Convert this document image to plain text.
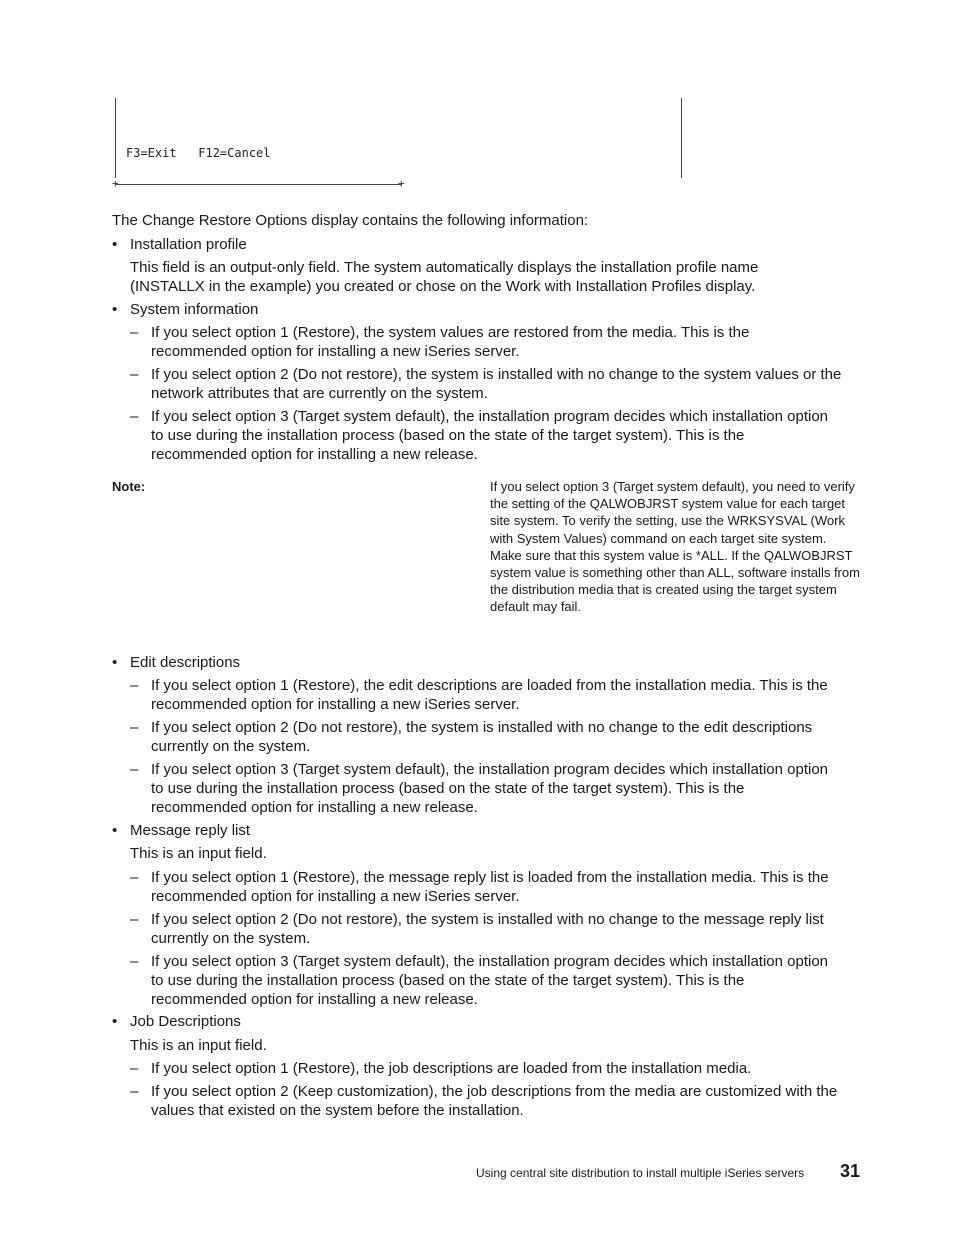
F3=Exit   F12=Cancel
+	+
The Change Restore Options display contains the following information:
• Installation profile
This field is an output-only field. The system automatically displays the installation profile name (INSTALLX in the example) you created or chose on the Work with Installation Profiles display.
• System information
– If you select option 1 (Restore), the system values are restored from the media. This is the recommended option for installing a new iSeries server.
– If you select option 2 (Do not restore), the system is installed with no change to the system values or the network attributes that are currently on the system.
– If you select option 3 (Target system default), the installation program decides which installation option to use during the installation process (based on the state of the target system). This is the recommended option for installing a new release.
Note:	If you select option 3 (Target system default), you need to verify the setting of the QALWOBJRST system value for each target site system. To verify the setting, use the WRKSYSVAL (Work with System Values) command on each target site system. Make sure that this system value is *ALL. If the QALWOBJRST system value is something other than ALL, software installs from the distribution media that is created using the target system default may fail.
• Edit descriptions
– If you select option 1 (Restore), the edit descriptions are loaded from the installation media. This is the recommended option for installing a new iSeries server.
– If you select option 2 (Do not restore), the system is installed with no change to the edit descriptions currently on the system.
– If you select option 3 (Target system default), the installation program decides which installation option to use during the installation process (based on the state of the target system). This is the recommended option for installing a new release.
• Message reply list
This is an input field.
– If you select option 1 (Restore), the message reply list is loaded from the installation media. This is the recommended option for installing a new iSeries server.
– If you select option 2 (Do not restore), the system is installed with no change to the message reply list currently on the system.
– If you select option 3 (Target system default), the installation program decides which installation option to use during the installation process (based on the state of the target system). This is the recommended option for installing a new release.
• Job Descriptions
This is an input field.
– If you select option 1 (Restore), the job descriptions are loaded from the installation media.
– If you select option 2 (Keep customization), the job descriptions from the media are customized with the values that existed on the system before the installation.
Using central site distribution to install multiple iSeries servers 31
